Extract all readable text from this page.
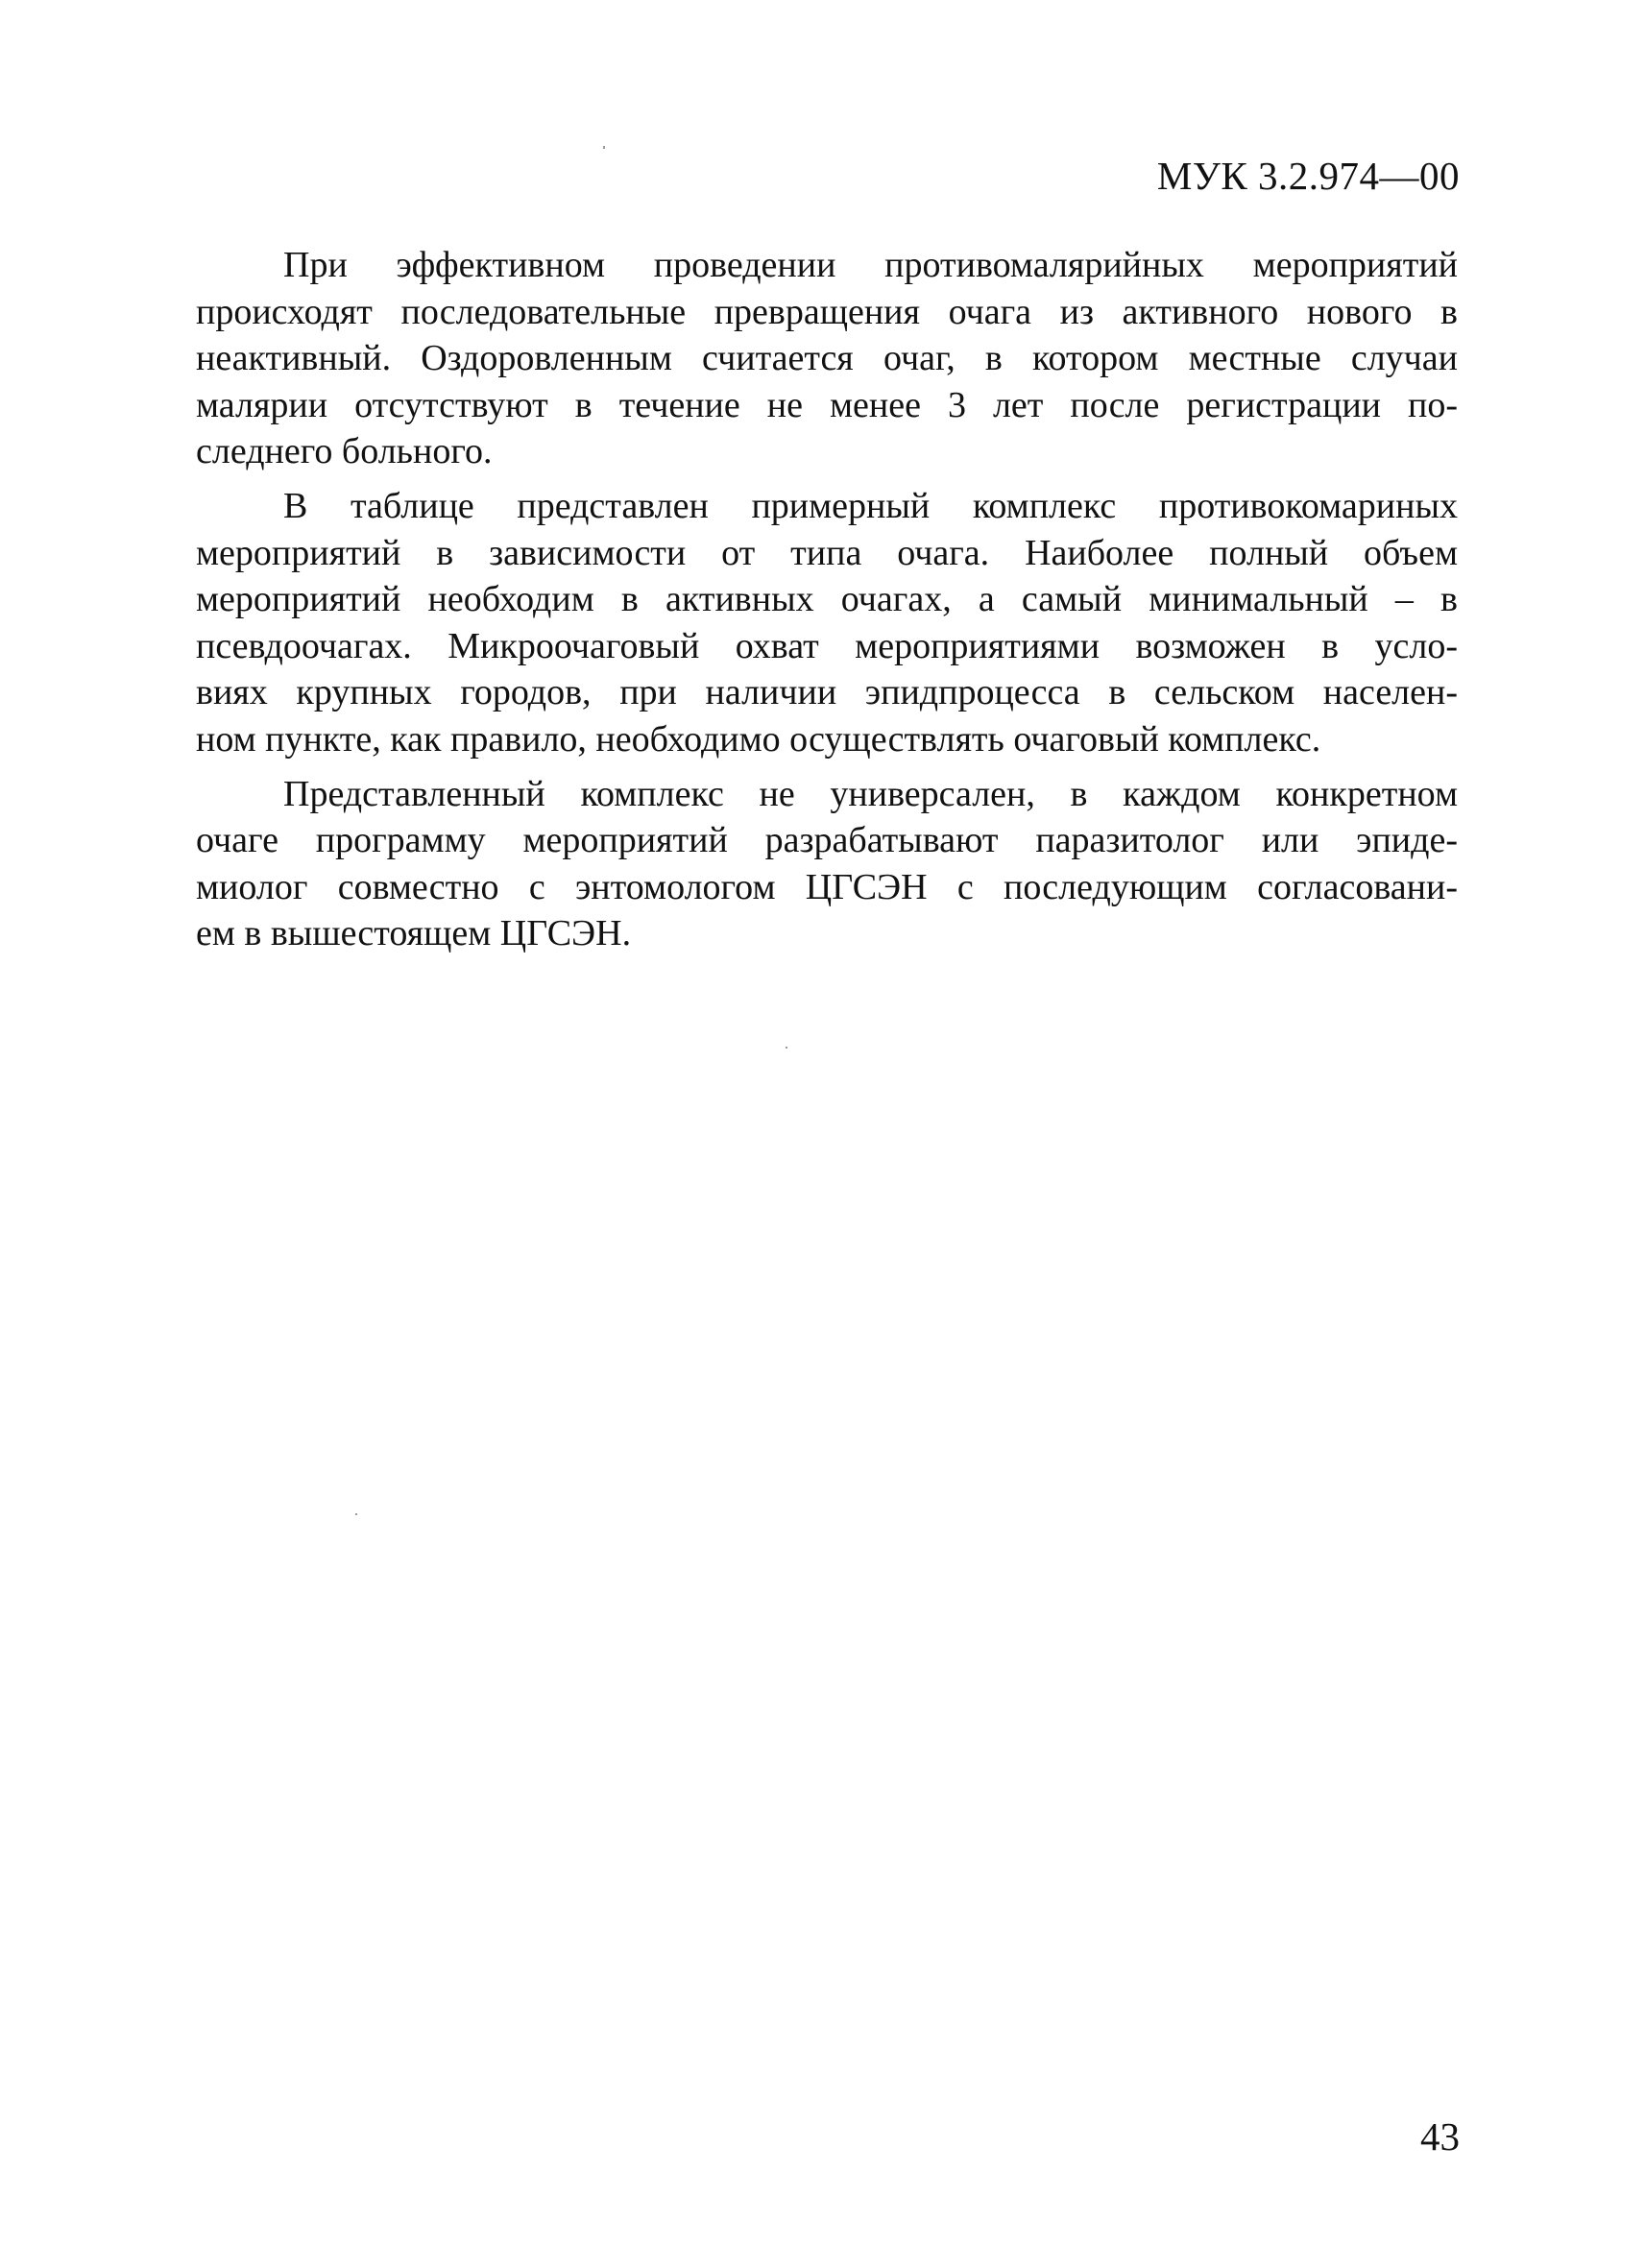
МУК 3.2.974—00

При эффективном проведении противомалярийных мероприятий
происходят последовательные превращения очага из активного нового в
неактивный. Оздоровленным считается очаг, в котором местные случаи
малярии отсутствуют в течение не менее 3 лет после регистрации по-
следнего больного.

В таблице представлен примерный комплекс противокомариных
мероприятий в зависимости от типа очага. Наиболее полный объем
мероприятий необходим в активных очагах, а самый минимальный – в
псевдоочагах. Микроочаговый охват мероприятиями возможен в усло-
виях крупных городов, при наличии эпидпроцесса в сельском населен-
ном пункте, как правило, необходимо осуществлять очаговый комплекс.

Представленный комплекс не универсален, в каждом конкретном
очаге программу мероприятий разрабатывают паразитолог или эпиде-
миолог совместно с энтомологом ЦГСЭН с последующим согласовани-
ем в вышестоящем ЦГСЭН.

43
